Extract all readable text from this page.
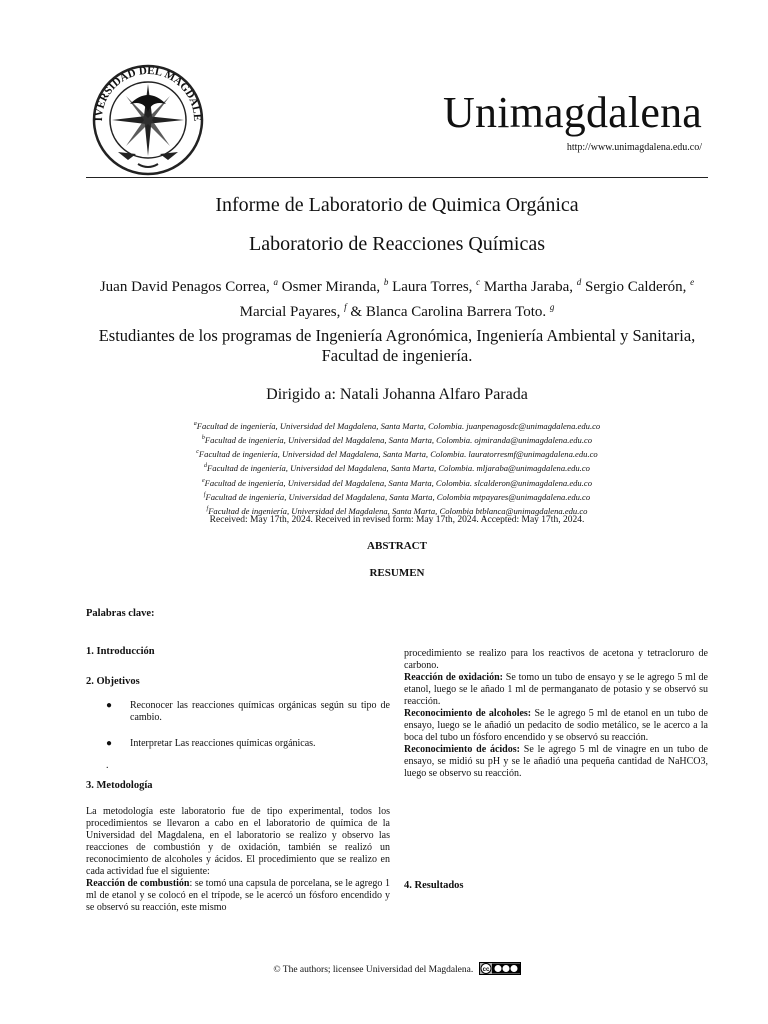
IVERSIDAD DEL MAGDALE	Unimagdalena
http://www.unimagdalena.edu.co/
Informe de Laboratorio de Quimica Orgánica
Laboratorio de Reacciones Químicas
Juan David Penagos Correa, $^a$ Osmer Miranda, $^b$ Laura Torres, $^c$ Martha Jaraba, $^d$ Sergio Calderón, $^e$ Marcial Payares, $^f$ & Blanca Carolina Barrera Toto. $^g$
Estudiantes de los programas de Ingeniería Agronómica, Ingeniería Ambiental y Sanitaria, Facultad de ingeniería.
Dirigido a: Natali Johanna Alfaro Parada
$^a$Facultad de ingeniería, Universidad del Magdalena, Santa Marta, Colombia. juanpenagosdc@unimagdalena.edu.co
$^b$Facultad de ingeniería, Universidad del Magdalena, Santa Marta, Colombia. ojmiranda@unimagdalena.edu.co
$^c$Facultad de ingeniería, Universidad del Magdalena, Santa Marta, Colombia. lauratorresmf@unimagdalena.edu.co
$^d$Facultad de ingeniería, Universidad del Magdalena, Santa Marta, Colombia. mljaraba@unimagdalena.edu.co
$^e$Facultad de ingeniería, Universidad del Magdalena, Santa Marta, Colombia. slcalderon@unimagdalena.edu.co
$^f$Facultad de ingeniería, Universidad del Magdalena, Santa Marta, Colombia mtpayares@unimagdalena.edu.co
$^f$Facultad de ingeniería, Universidad del Magdalena, Santa Marta, Colombia btblanca@unimagdalena.edu.co
Received: May 17th, 2024. Received in revised form: May 17th, 2024. Accepted: May 17th, 2024.
ABSTRACT
RESUMEN
Palabras clave:

1. Introducción

2. Objetivos

● Reconocer las reacciones químicas orgánicas según su tipo de cambio.
● Interpretar Las reacciones químicas orgánicas.

.

3. Metodología

La metodología este laboratorio fue de tipo experimental, todos los procedimientos se llevaron a cabo en el laboratorio de química de la Universidad del Magdalena, en el laboratorio se realizo y observo las reacciones de combustión y de oxidación, también se realizó un reconocimiento de alcoholes y ácidos. El procedimiento que se realizo en cada actividad fue el siguiente:

Reacción de combustión: se tomó una capsula de porcelana, se le agrego 1 ml de etanol y se colocó en el trípode, se le acercó un fósforo encendido y se observó su reacción, este mismo

procedimiento se realizo para los reactivos de acetona y tetracloruro de carbono.

Reacción de oxidación: Se tomo un tubo de ensayo y se le agrego 5 ml de etanol, luego se le añado 1 ml de permanganato de potasio y se observó su reacción.

Reconocimiento de alcoholes: Se le agrego 5 ml de etanol en un tubo de ensayo, luego se le añadió un pedacito de sodio metálico, se le acerco a la boca del tubo un fósforo encendido y se observó su reacción.

Reconocimiento de ácidos: Se le agrego 5 ml de vinagre en un tubo de ensayo, se midió su pH y se le añadió una pequeña cantidad de NaHCO3, luego se observo su reacción.

4. Resultados

© The authors; licensee Universidad del Magdalena. cc
